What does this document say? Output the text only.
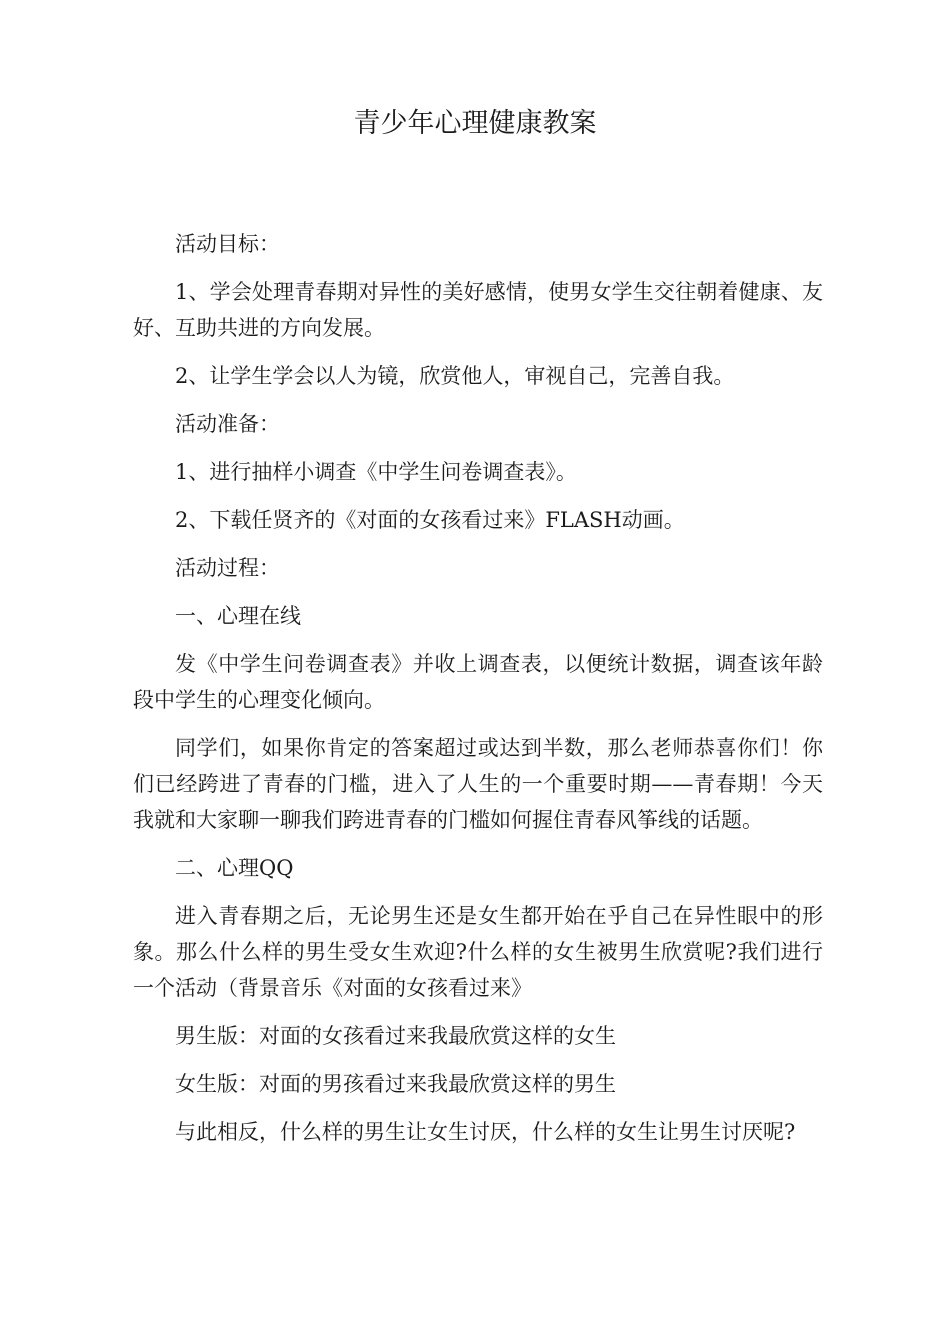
青少年心理健康教案

活动目标：

1、学会处理青春期对异性的美好感情，使男女学生交往朝着健康、友好、互助共进的方向发展。

2、让学生学会以人为镜，欣赏他人，审视自己，完善自我。

活动准备：

1、进行抽样小调查《中学生问卷调查表》。

2、下载任贤齐的《对面的女孩看过来》FLASH动画。

活动过程：

一、心理在线

发《中学生问卷调查表》并收上调查表，以便统计数据，调查该年龄段中学生的心理变化倾向。

同学们，如果你肯定的答案超过或达到半数，那么老师恭喜你们！你们已经跨进了青春的门槛，进入了人生的一个重要时期——青春期！今天我就和大家聊一聊我们跨进青春的门槛如何握住青春风筝线的话题。

二、心理QQ

进入青春期之后，无论男生还是女生都开始在乎自己在异性眼中的形象。那么什么样的男生受女生欢迎?什么样的女生被男生欣赏呢?我们进行一个活动（背景音乐《对面的女孩看过来》

男生版：对面的女孩看过来我最欣赏这样的女生

女生版：对面的男孩看过来我最欣赏这样的男生

与此相反，什么样的男生让女生讨厌，什么样的女生让男生讨厌呢?
